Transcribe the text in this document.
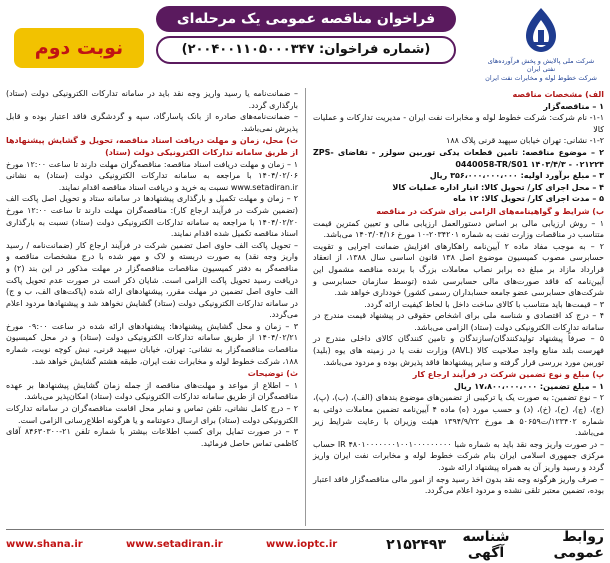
شرکت ملی پالایش و پخش فرآورده‌های نفتی ایران
شرکت خطوط لوله و مخابرات نفت ایران
فراخوان مناقصه عمومی یک مرحله‌ای
(شماره فراخوان: ۲۰۰۴۰۰۱۱۰۵۰۰۰۳۴۷)
نوبت دوم
الف) مشخصات مناقصه
۱ – مناقصه‌گزار
۱-۱- نام شرکت: شرکت خطوط لوله و مخابرات نفت ایران - مدیریت تدارکات و عملیات کالا
۱-۲- نشانی: تهران خیابان سپهبد قرنی پلاک ۱۸۸
۲ – موضوع مناقصه: تامین قطعات یدکی توربین سولزر - تقاضای ZPS-0440058-TR/S01 ۱۴۰۳/۴/۳ - ۰۲۱۲۲۴
۳ – مبلغ برآورد اولیه: ۳۵۶،۰۰۰،۰۰۰،۰۰۰ ریال
۴ – محل اجرای کار/ تحویل کالا: انبار اداره عملیات کالا
۵ – مدت اجرای کار/ تحویل کالا: ۱۲ ماه
ب) شرایط و گواهینامه‌های الزامی برای شرکت در مناقصه
۱ – روش ارزیابی مالی بر اساس دستورالعمل ارزیابی مالی و تعیین کمترین قیمت متناسب در مناقصات وزارت نفت به شماره ۲۰۳۴۲۰۱-۱۰ مورخ ۱۴۰۳/۰۴/۱۶ می‌باشد.
۲ – به موجب مفاد ماده ۲ آیین‌نامه راهکارهای افزایش ضمانت اجرایی و تقویت حسابرسی مصوب کمیسیون موضوع اصل ۱۳۸ قانون اساسی سال ۱۳۸۸، از انعقاد قرارداد مازاد بر مبلغ ده برابر نصاب معاملات بزرگ با برنده مناقصه مشمول این آیین‌نامه که فاقد صورت‌های مالی حسابرسی شده (توسط سازمان حسابرسی و شرکت‌های حسابرسی عضو جامعه حسابداران رسمی کشور) خودداری خواهد شد.
۳ – قیمت‌ها باید متناسب با کالای ساخت داخل با لحاظ کیفیت ارائه گردد.
۴ – درج کد اقتصادی و شناسه ملی برای اشخاص حقوقی در پیشنهاد قیمت مندرج در سامانه تدارکات الکترونیکی دولت (ستاد) الزامی می‌باشد.
۵ – صرفاً پیشنهاد تولیدکنندگان/سازندگان و تامین کنندگان کالای داخلی مندرج در فهرست بلند منابع واجد صلاحیت کالا (AVL) وزارت نفت یا در زمینه های یوه (بلید) توربین مورد بررسی قرار گرفته و سایر پیشنهادها فاقد پذیرش بوده و مردود می‌باشد.
پ) مبلغ و نوع تضمین شرکت در فرآیند ارجاع کار
۱ – مبلغ تضمین: ۱۷،۸۰۰،۰۰۰،۰۰۰ ریال
۲ – نوع تضمین: به صورت یک یا ترکیبی از تضمین‌های موضوع بندهای (الف)، (ب)، (پ)، (ج)، (چ)، (ح)، (خ)، (د) و حسب مورد (ه) ماده ۴ آیین‌نامه تضمین معاملات دولتی به شماره ۱۲۳۴۰۲/ت۵۰۶۵۹ هـ مورخ ۱۳۹۴/۹/۲۲ هیئت وزیران با رعایت شرایط زیر می‌باشد.
– در صورت واریز وجه نقد باید به شماره شبا IR ۴۸۰۱۰۰۰۰۰۰۰۱۰۰۱۰۰۰۰۰۰۰۰۰ حساب مرکزی جمهوری اسلامی ایران بنام شرکت خطوط لوله و مخابرات نفت ایران واریز گردد و رسید واریز آن به همراه پیشنهاد ارائه شود.
– صرف واریز هرگونه وجه نقد بدون اخذ رسید وجه از امور مالی مناقصه‌گزار فاقد اعتبار بوده، تضمین معتبر تلقی نشده و مردود اعلام می‌گردد.
– ضمانت‌نامه یا رسید واریز وجه نقد باید در سامانه تدارکات الکترونیکی دولت (ستاد) بارگذاری گردد.
– ضمانت‌نامه‌های صادره از بانک پاسارگاد، سپه و گردشگری فاقد اعتبار بوده و قابل پذیرش نمی‌باشد.
ت) محل، زمان و مهلت دریافت اسناد مناقصه، تحویل و گشایش پیشنهادها از طریق سامانه تدارکات الکترونیکی دولت (ستاد)
۱ – زمان و مهلت دریافت اسناد مناقصه: مناقصه‌گران مهلت دارند تا ساعت ۱۲:۰۰ مورخ ۱۴۰۴/۰۲/۰۶ با مراجعه به سامانه تدارکات الکترونیکی دولت (ستاد) به نشانی www.setadiran.ir نسبت به خرید و دریافت اسناد مناقصه اقدام نمایند.
۲ – زمان و مهلت تکمیل و بارگذاری پیشنهادها در سامانه ستاد و تحویل اصل پاکت الف (تضمین شرکت در فرآیند ارجاع کار): مناقصه‌گران مهلت دارند تا ساعت ۱۲:۰۰ مورخ ۱۴۰۴/۰۲/۲۰ با مراجعه به سامانه تدارکات الکترونیکی دولت (ستاد) نسبت به بارگذاری اسناد مناقصه تکمیل شده اقدام نمایند.
– تحویل پاکت الف حاوی اصل تضمین شرکت در فرآیند ارجاع کار (ضمانت‌نامه / رسید واریز وجه نقد) به صورت دربسته و لاک و مهر شده با درج مشخصات مناقصه و مناقصه‌گر به دفتر کمیسیون مناقصات مناقصه‌گزار در مهلت مذکور در این بند (۲) و دریافت رسید تحویل پاکت الزامی است. شایان ذکر است در صورت عدم تحویل پاکت الف حاوی اصل تضمین در مهلت مقرر، پیشنهادهای ارائه شده (پاکت‌های الف، ب و ج) در سامانه تدارکات الکترونیکی دولت (ستاد) گشایش نخواهد شد و پیشنهادها مردود اعلام می‌گردد.
۳ – زمان و محل گشایش پیشنهادها: پیشنهادهای ارائه شده در ساعت ۰۹:۰۰ مورخ ۱۴۰۴/۰۲/۲۱ از طریق سامانه تدارکات الکترونیکی دولت (ستاد) و در محل کمیسیون مناقصات مناقصه‌گزار به نشانی: تهران، خیابان سپهبد قرنی، نبش کوچه نوبت، شماره ۱۸۸، شرکت خطوط لوله و مخابرات نفت ایران، طبقه هشتم گشایش خواهد شد.
ث) توضیحات
۱ – اطلاع از مواعد و مهلت‌های مناقصه از جمله زمان گشایش پیشنهادها بر عهده مناقصه‌گران از طریق سامانه تدارکات الکترونیکی دولت (ستاد) امکان‌پذیر می‌باشد.
۲ – درج کامل نشانی، تلفن تماس و نمابر محل اقامت مناقصه‌گران در سامانه تدارکات الکترونیکی دولت (ستاد) برای ارسال دعوتنامه و یا هرگونه اطلاع‌رسانی الزامی است.
۳ – در صورت تمایل برای کسب اطلاعات بیشتر با شماره تلفن ۲۱-۸۴۶۳۰۳۰۰ آقای کاظمی تماس حاصل فرمائید.
www.shana.ir	www.setadiran.ir	www.ioptc.ir	۲۱۵۲۴۹۳	شناسه آگهی
روابط عمومی
